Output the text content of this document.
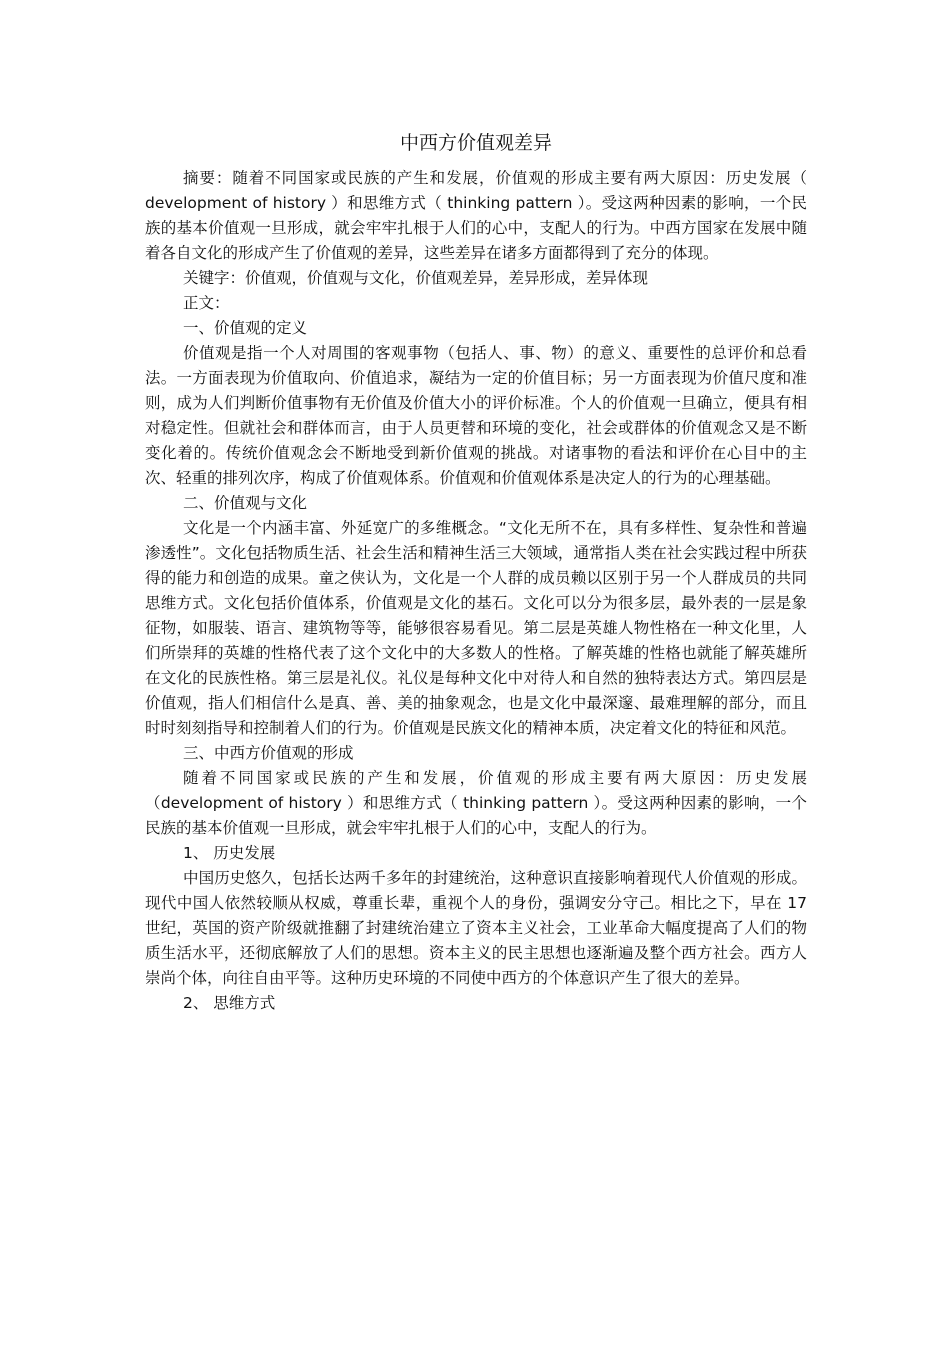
中西方价值观差异

摘要：随着不同国家或民族的产生和发展，价值观的形成主要有两大原因：历史发展（ development of history ）和思维方式（ thinking pattern ）。受这两种因素的影响，一个民族的基本价值观一旦形成，就会牢牢扎根于人们的心中，支配人的行为。中西方国家在发展中随着各自文化的形成产生了价值观的差异，这些差异在诸多方面都得到了充分的体现。

关键字：价值观，价值观与文化，价值观差异，差异形成，差异体现

正文：

一、价值观的定义

价值观是指一个人对周围的客观事物（包括人、事、物）的意义、重要性的总评价和总看法。一方面表现为价值取向、价值追求，凝结为一定的价值目标；另一方面表现为价值尺度和准则，成为人们判断价值事物有无价值及价值大小的评价标准。个人的价值观一旦确立，便具有相对稳定性。但就社会和群体而言，由于人员更替和环境的变化，社会或群体的价值观念又是不断变化着的。传统价值观念会不断地受到新价值观的挑战。对诸事物的看法和评价在心目中的主次、轻重的排列次序，构成了价值观体系。价值观和价值观体系是决定人的行为的心理基础。

二、价值观与文化

文化是一个内涵丰富、外延宽广的多维概念。“文化无所不在，具有多样性、复杂性和普遍渗透性”。文化包括物质生活、社会生活和精神生活三大领域，通常指人类在社会实践过程中所获得的能力和创造的成果。童之侠认为，文化是一个人群的成员赖以区别于另一个人群成员的共同思维方式。文化包括价值体系，价值观是文化的基石。文化可以分为很多层，最外表的一层是象征物，如服装、语言、建筑物等等，能够很容易看见。第二层是英雄人物性格在一种文化里，人们所崇拜的英雄的性格代表了这个文化中的大多数人的性格。了解英雄的性格也就能了解英雄所在文化的民族性格。第三层是礼仪。礼仪是每种文化中对待人和自然的独特表达方式。第四层是价值观，指人们相信什么是真、善、美的抽象观念，也是文化中最深邃、最难理解的部分，而且时时刻刻指导和控制着人们的行为。价值观是民族文化的精神本质，决定着文化的特征和风范。

三、中西方价值观的形成

随着不同国家或民族的产生和发展，价值观的形成主要有两大原因：历史发展（development of history ）和思维方式（ thinking pattern ）。受这两种因素的影响，一个民族的基本价值观一旦形成，就会牢牢扎根于人们的心中，支配人的行为。

1、 历史发展

中国历史悠久，包括长达两千多年的封建统治，这种意识直接影响着现代人价值观的形成。现代中国人依然较顺从权威，尊重长辈，重视个人的身份，强调安分守己。相比之下，早在 17 世纪，英国的资产阶级就推翻了封建统治建立了资本主义社会，工业革命大幅度提高了人们的物质生活水平，还彻底解放了人们的思想。资本主义的民主思想也逐渐遍及整个西方社会。西方人崇尚个体，向往自由平等。这种历史环境的不同使中西方的个体意识产生了很大的差异。

2、 思维方式
